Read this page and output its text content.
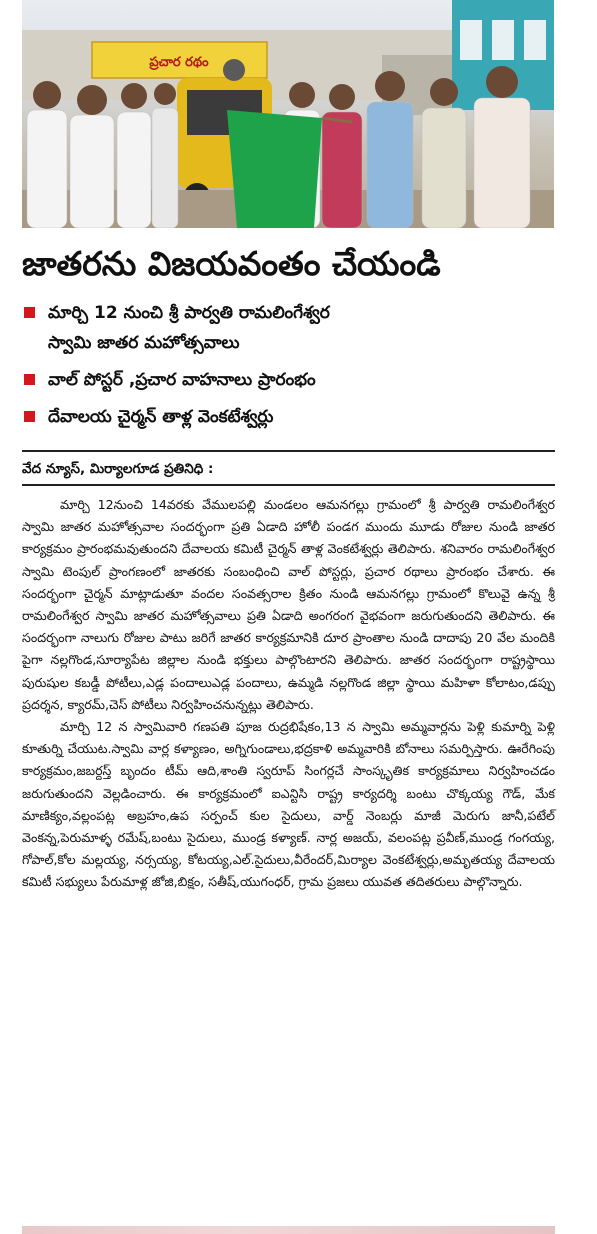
ప్రచార రథం
జాతరను విజయవంతం చేయండి
మార్చి 12 నుంచి శ్రీ పార్వతి రామలింగేశ్వర
స్వామి జాతర మహోత్సవాలు
వాల్ పోస్టర్ ,ప్రచార వాహనాలు ప్రారంభం
దేవాలయ చైర్మన్ తాళ్ల వెంకటేశ్వర్లు
వేద న్యూస్, మిర్యాలగూడ ప్రతినిధి :

మార్చి 12నుంచి 14వరకు వేములపల్లి మండలం ఆమనగల్లు గ్రామంలో శ్రీ పార్వతి రామలింగేశ్వర స్వామి జాతర మహోత్సవాల సందర్భంగా ప్రతి ఏడాది హోలీ పండగ ముందు మూడు రోజుల నుండి జాతర కార్యక్రమం ప్రారంభమవుతుందని దేవాలయ కమిటీ చైర్మన్ తాళ్ల వెంకటేశ్వర్లు తెలిపారు. శనివారం రామలింగేశ్వర స్వామి టెంపుల్ ప్రాంగణంలో జాతరకు సంబంధించి వాల్ పోస్టర్లు, ప్రచార రథాలు ప్రారంభం చేశారు. ఈ సందర్భంగా చైర్మన్ మాట్లాడుతూ వందల సంవత్సరాల క్రితం నుండి ఆమనగల్లు గ్రామంలో కొలువై ఉన్న శ్రీ రామలింగేశ్వర స్వామి జాతర మహోత్సవాలు ప్రతి ఏడాది అంగరంగ వైభవంగా జరుగుతుందని తెలిపారు. ఈ సందర్భంగా నాలుగు రోజుల పాటు జరిగే జాతర కార్యక్రమానికి దూర ప్రాంతాల నుండి దాదాపు 20 వేల మందికి పైగా నల్లగొండ,సూర్యాపేట జిల్లాల నుండి భక్తులు పాల్గొంటారని తెలిపారు. జాతర సందర్భంగా రాష్ట్రస్థాయి పురుషుల కబడ్డీ పోటీలు,ఎడ్ల పందాలుఎడ్ల పందాలు, ఉమ్మడి నల్లగొండ జిల్లా స్థాయి మహిళా కోలాటం,డప్పు ప్రదర్శన, క్యారమ్,చెస్ పోటీలు నిర్వహించనున్నట్లు తెలిపారు.

మార్చి 12 న స్వామివారి గణపతి పూజ రుద్రభిషేకం,13 న స్వామి అమ్మవార్లను పెళ్లి కుమార్ని పెళ్లి కూతుర్ని చేయుట.స్వామి వార్ల కళ్యాణం, అగ్నిగుండాలు,భద్రకాళి అమ్మవారికి బోనాలు సమర్పిస్తారు. ఊరేగింపు కార్యక్రమం,జబర్దస్త్ బృందం టీమ్ ఆది,శాంతి స్వరూప్ సింగర్లచే సాంస్కృతిక కార్యక్రమాలు నిర్వహించడం జరుగుతుందని వెల్లడించారు. ఈ కార్యక్రమంలో ఐఎన్టిసి రాష్ట్ర కార్యదర్శి బంటు చొక్కయ్య గౌడ్, మేక మాణిక్యం,వల్లంపట్ల అబ్రహం,ఉప సర్పంచ్ కుల సైదులు, వార్డ్ నెంబర్లు మాజీ మెరుగు జానీ,పటేల్ వెంకన్న,పెరుమాళ్ళ రమేష్,బంటు సైదులు, ముండ్ర కళ్యాణ్. నార్ల అజయ్, వలంపట్ల ప్రవీణ్,ముండ్ర గంగయ్య, గోపాల్,కోల మల్లయ్య, నర్సయ్య, కోటయ్య,ఎల్.సైదులు,వీరేందర్,మిర్యాల వెంకటేశ్వర్లు,అమృతయ్య దేవాలయ కమిటీ సభ్యులు పేరుమాళ్ల జోజి,బిక్షం, సతీష్,యుగంధర్, గ్రామ ప్రజలు యువత తదితరులు పాల్గొన్నారు.
